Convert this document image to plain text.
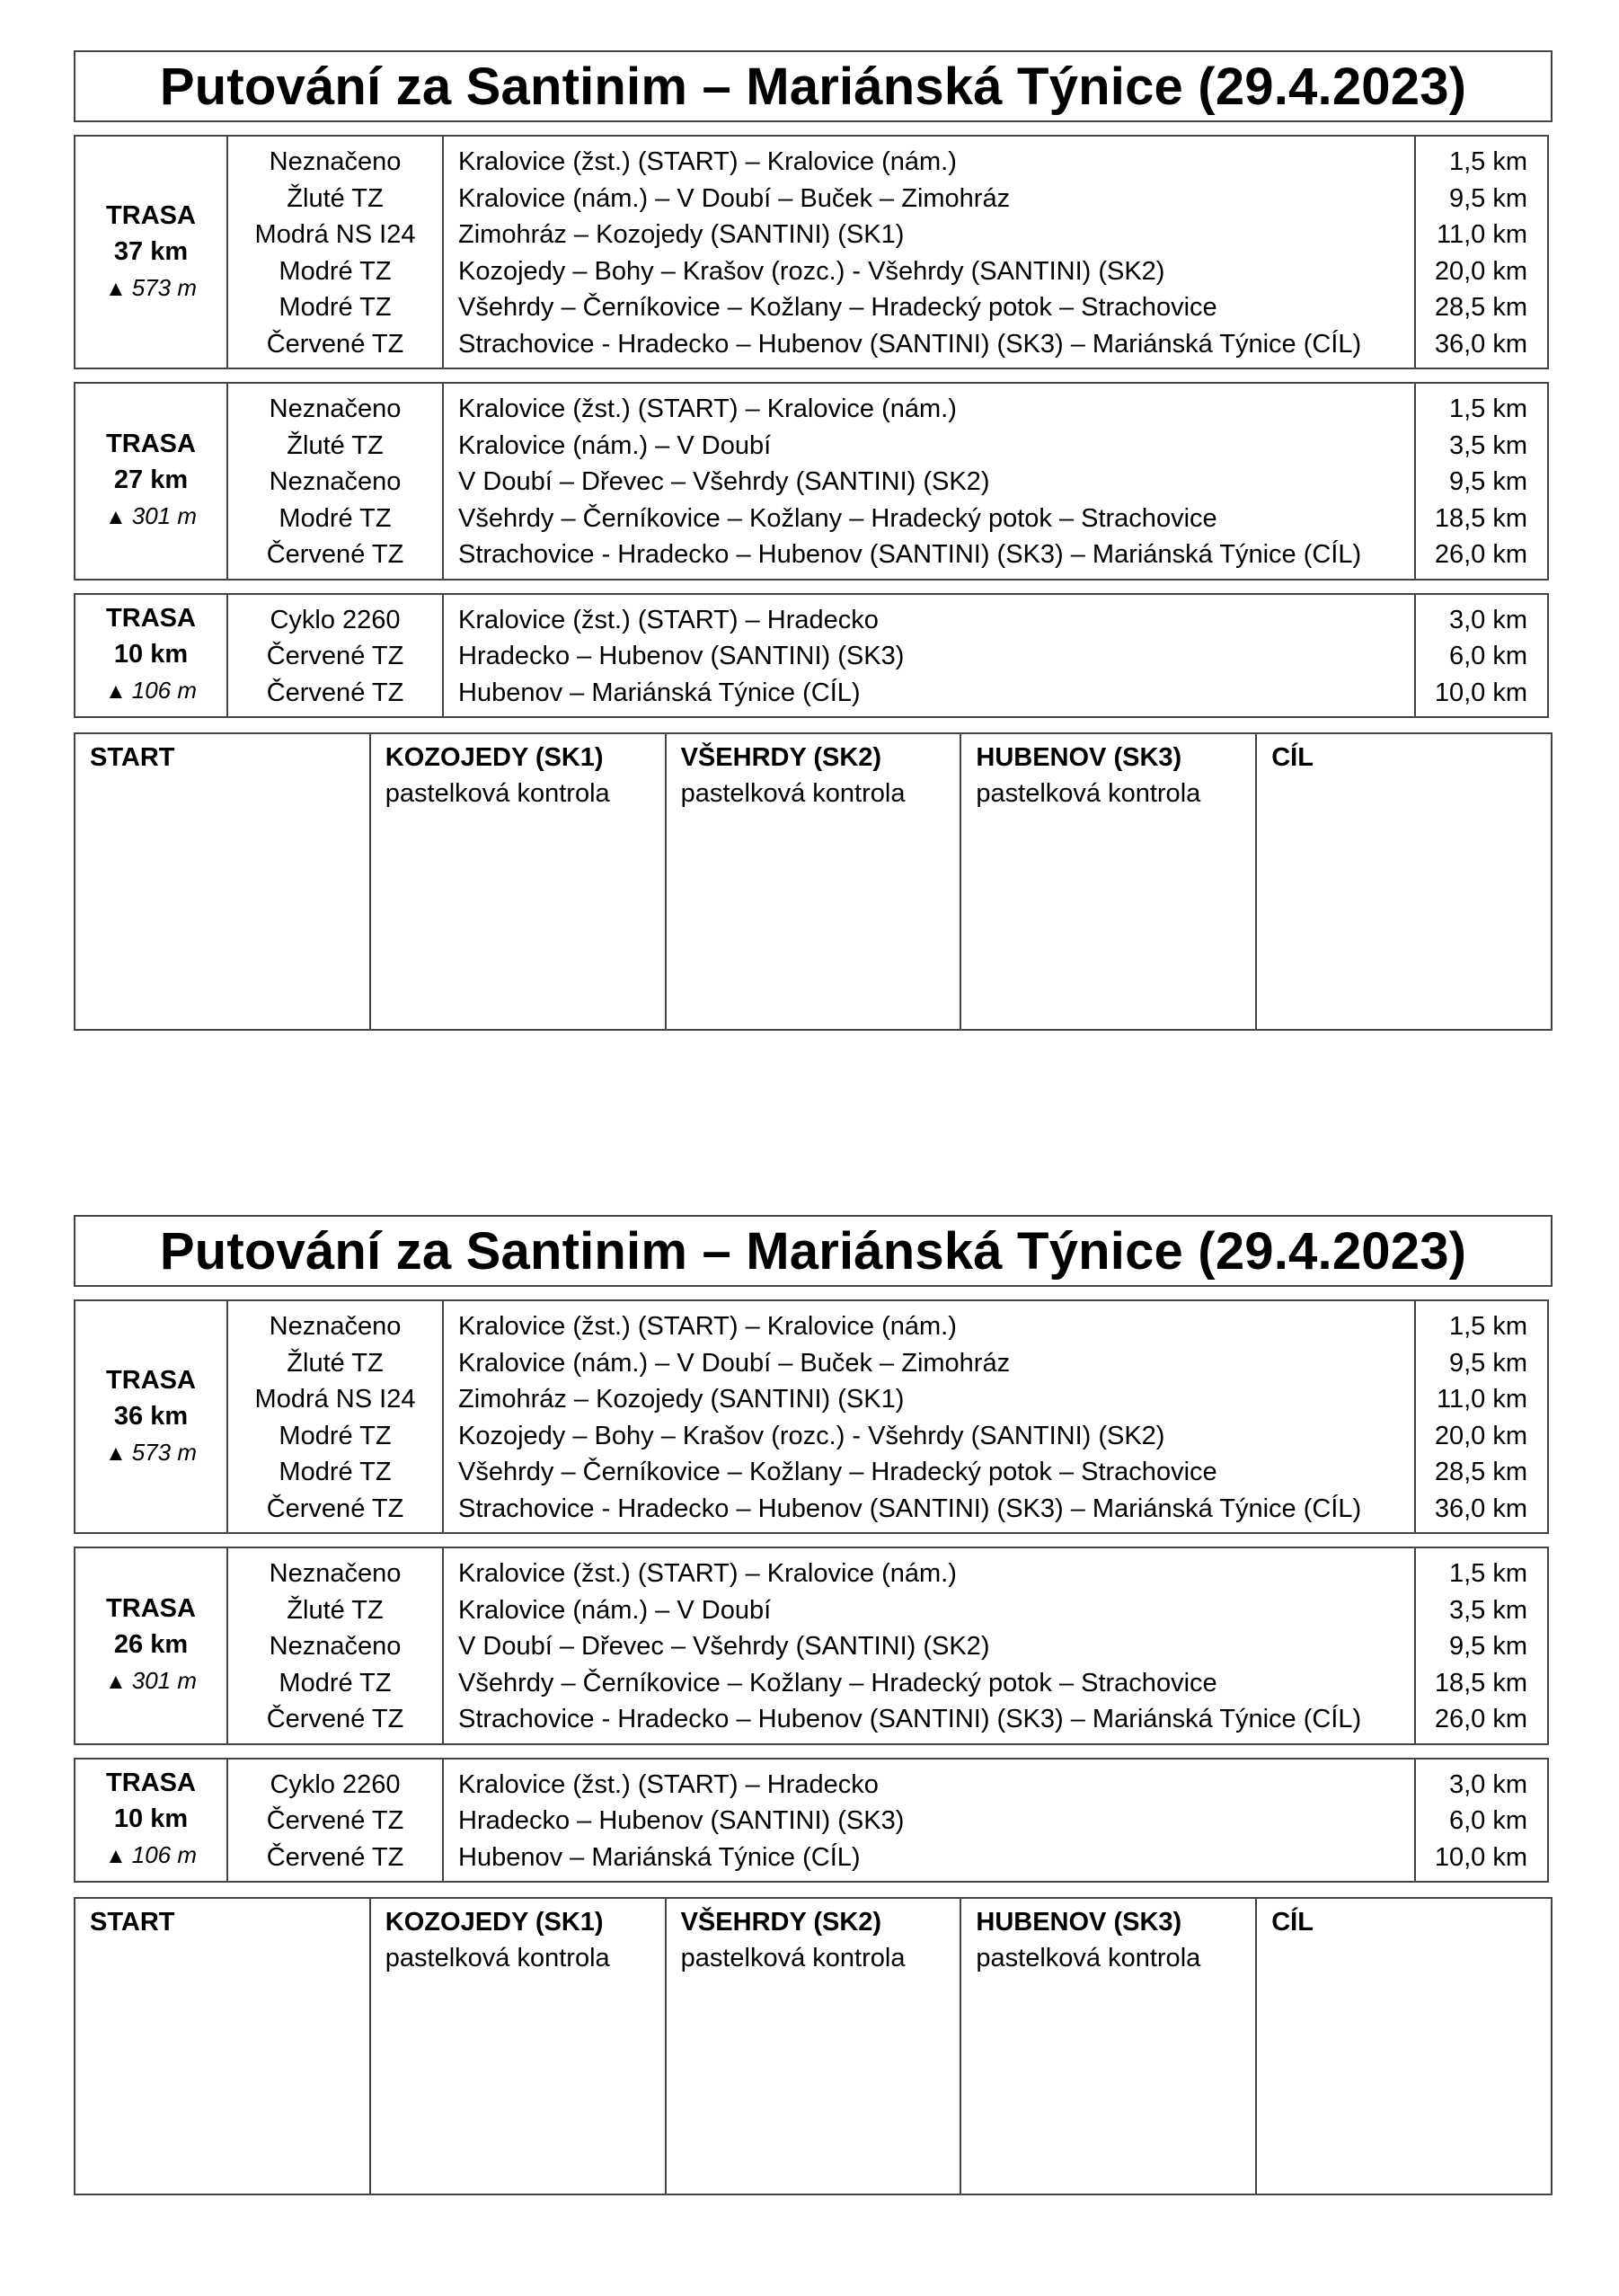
Putování za Santinim – Mariánská Týnice (29.4.2023)
TRASA
37 km
▲ 573 m
Neznačeno
Žluté TZ
Modrá NS I24
Modré TZ
Modré TZ
Červené TZ
Kralovice (žst.) (START) – Kralovice (nám.)
Kralovice (nám.) – V Doubí – Buček – Zimohráz
Zimohráz – Kozojedy (SANTINI) (SK1)
Kozojedy – Bohy – Krašov (rozc.) - Všehrdy (SANTINI) (SK2)
Všehrdy – Černíkovice – Kožlany – Hradecký potok – Strachovice
Strachovice - Hradecko – Hubenov (SANTINI) (SK3) – Mariánská Týnice (CÍL)
1,5 km
9,5 km
11,0 km
20,0 km
28,5 km
36,0 km
TRASA
27 km
▲ 301 m
Neznačeno
Žluté TZ
Neznačeno
Modré TZ
Červené TZ
Kralovice (žst.) (START) – Kralovice (nám.)
Kralovice (nám.) – V Doubí
V Doubí – Dřevec – Všehrdy (SANTINI) (SK2)
Všehrdy – Černíkovice – Kožlany – Hradecký potok – Strachovice
Strachovice - Hradecko – Hubenov (SANTINI) (SK3) – Mariánská Týnice (CÍL)
1,5 km
3,5 km
9,5 km
18,5 km
26,0 km
TRASA
10 km
▲ 106 m
Cyklo 2260
Červené TZ
Červené TZ
Kralovice (žst.) (START) – Hradecko
Hradecko – Hubenov (SANTINI) (SK3)
Hubenov – Mariánská Týnice (CÍL)
3,0 km
6,0 km
10,0 km
START	KOZOJEDY (SK1)
pastelková kontrola
VŠEHRDY (SK2)
pastelková kontrola
HUBENOV (SK3)
pastelková kontrola
CÍL
Putování za Santinim – Mariánská Týnice (29.4.2023)
TRASA
36 km
▲ 573 m
Neznačeno
Žluté TZ
Modrá NS I24
Modré TZ
Modré TZ
Červené TZ
Kralovice (žst.) (START) – Kralovice (nám.)
Kralovice (nám.) – V Doubí – Buček – Zimohráz
Zimohráz – Kozojedy (SANTINI) (SK1)
Kozojedy – Bohy – Krašov (rozc.) - Všehrdy (SANTINI) (SK2)
Všehrdy – Černíkovice – Kožlany – Hradecký potok – Strachovice
Strachovice - Hradecko – Hubenov (SANTINI) (SK3) – Mariánská Týnice (CÍL)
1,5 km
9,5 km
11,0 km
20,0 km
28,5 km
36,0 km
TRASA
26 km
▲ 301 m
Neznačeno
Žluté TZ
Neznačeno
Modré TZ
Červené TZ
Kralovice (žst.) (START) – Kralovice (nám.)
Kralovice (nám.) – V Doubí
V Doubí – Dřevec – Všehrdy (SANTINI) (SK2)
Všehrdy – Černíkovice – Kožlany – Hradecký potok – Strachovice
Strachovice - Hradecko – Hubenov (SANTINI) (SK3) – Mariánská Týnice (CÍL)
1,5 km
3,5 km
9,5 km
18,5 km
26,0 km
TRASA
10 km
▲ 106 m
Cyklo 2260
Červené TZ
Červené TZ
Kralovice (žst.) (START) – Hradecko
Hradecko – Hubenov (SANTINI) (SK3)
Hubenov – Mariánská Týnice (CÍL)
3,0 km
6,0 km
10,0 km
START	KOZOJEDY (SK1)
pastelková kontrola
VŠEHRDY (SK2)
pastelková kontrola
HUBENOV (SK3)
pastelková kontrola
CÍL
